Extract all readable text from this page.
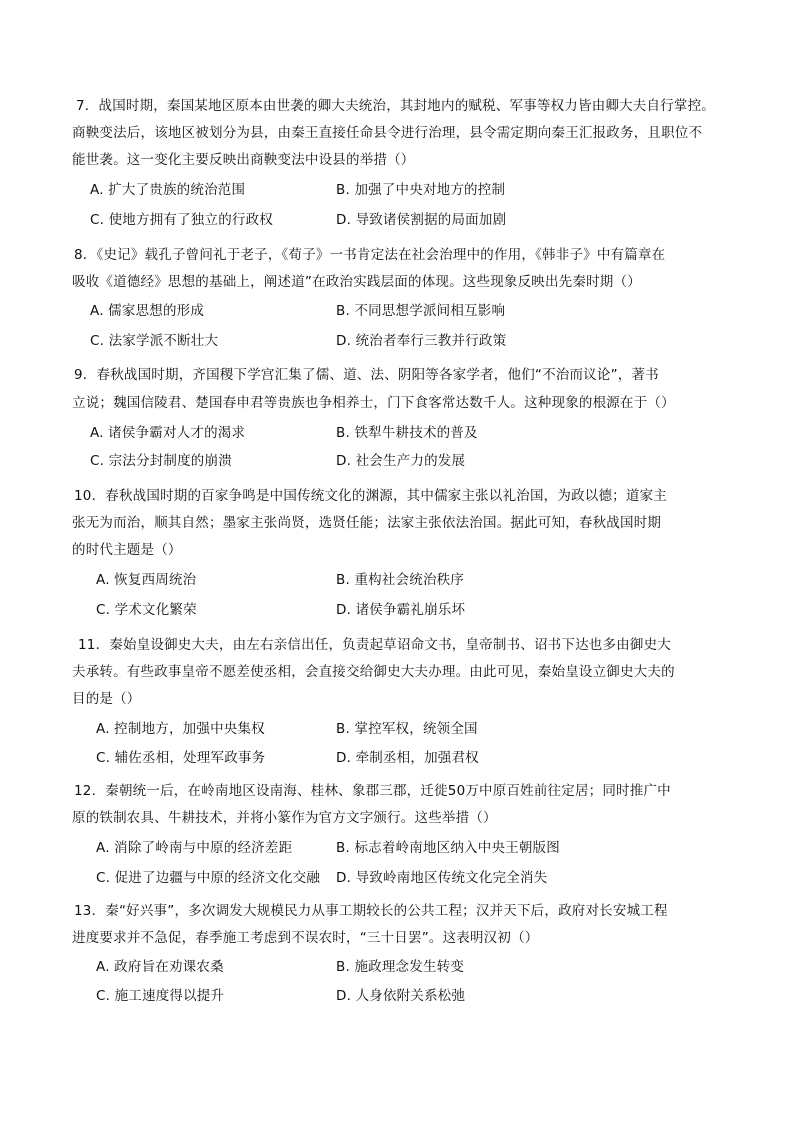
7．战国时期，秦国某地区原本由世袭的卿大夫统治，其封地内的赋税、军事等权力皆由卿大夫自行掌控。
商鞅变法后，该地区被划分为县，由秦王直接任命县令进行治理，县令需定期向秦王汇报政务，且职位不
能世袭。这一变化主要反映出商鞅变法中设县的举措（）
A. 扩大了贵族的统治范围	B. 加强了中央对地方的控制
C. 使地方拥有了独立的行政权	D. 导致诸侯割据的局面加剧
8．《史记》载孔子曾问礼于老子，《荀子》一书肯定法在社会治理中的作用，《韩非子》中有篇章在
吸收《道德经》思想的基础上，阐述道”在政治实践层面的体现。这些现象反映出先秦时期（）
A. 儒家思想的形成	B. 不同思想学派间相互影响
C. 法家学派不断壮大	D. 统治者奉行三教并行政策
9．春秋战国时期，齐国稷下学宫汇集了儒、道、法、阴阳等各家学者，他们“不治而议论”，著书
立说；魏国信陵君、楚国春申君等贵族也争相养士，门下食客常达数千人。这种现象的根源在于（）
A. 诸侯争霸对人才的渴求	B. 铁犁牛耕技术的普及
C. 宗法分封制度的崩溃	D. 社会生产力的发展
10．春秋战国时期的百家争鸣是中国传统文化的渊源，其中儒家主张以礼治国，为政以德；道家主
张无为而治，顺其自然；墨家主张尚贤，选贤任能；法家主张依法治国。据此可知，春秋战国时期
的时代主题是（）
A. 恢复西周统治	B. 重构社会统治秩序
C. 学术文化繁荣	D. 诸侯争霸礼崩乐坏
11．秦始皇设御史大夫，由左右亲信出任，负责起草诏命文书，皇帝制书、诏书下达也多由御史大
夫承转。有些政事皇帝不愿差使丞相，会直接交给御史大夫办理。由此可见，秦始皇设立御史大夫的
目的是（）
A. 控制地方，加强中央集权	B. 掌控军权，统领全国
C. 辅佐丞相，处理军政事务	D. 牵制丞相，加强君权
12．秦朝统一后，在岭南地区设南海、桂林、象郡三郡，迁徙50万中原百姓前往定居；同时推广中
原的铁制农具、牛耕技术，并将小篆作为官方文字颁行。这些举措（）
A. 消除了岭南与中原的经济差距	B. 标志着岭南地区纳入中央王朝版图
C. 促进了边疆与中原的经济文化交融 D. 导致岭南地区传统文化完全消失
13．秦“好兴事”，多次调发大规模民力从事工期较长的公共工程；汉并天下后，政府对长安城工程
进度要求并不急促，春季施工考虑到不误农时，“三十日罢”。这表明汉初（）
A. 政府旨在劝课农桑	B. 施政理念发生转变
C. 施工速度得以提升	D. 人身依附关系松弛
